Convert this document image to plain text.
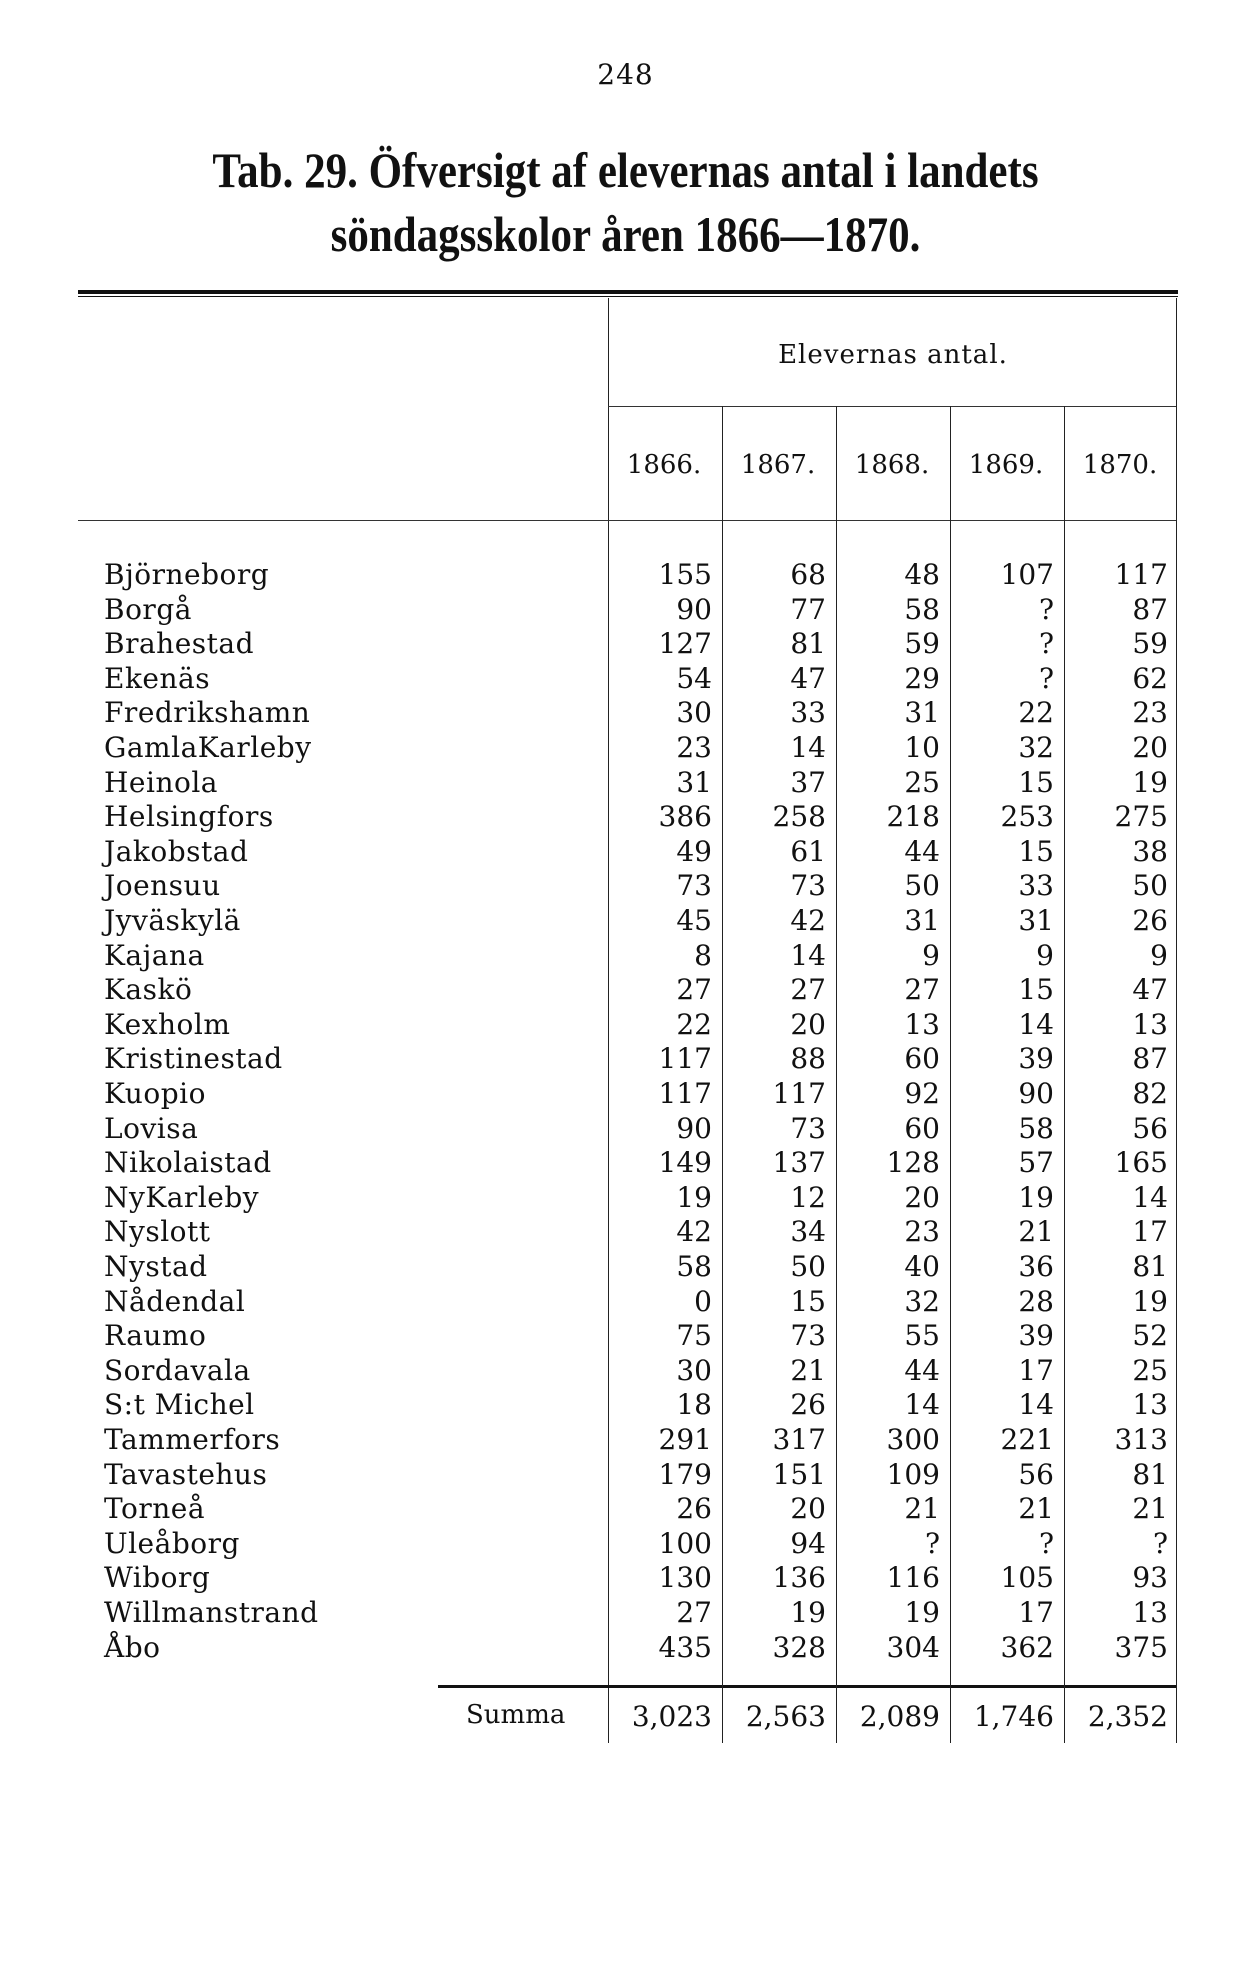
248
Tab. 29. Öfversigt af elevernas antal i landets
söndagsskolor åren 1866—1870.
Elevernas antal.
1866.	1867.	1868.	1869.	1870.
Björneborg	155	68	48	107	117
Borgå	90	77	58	?	87
Brahestad	127	81	59	?	59
Ekenäs	54	47	29	?	62
Fredrikshamn	30	33	31	22	23
GamlaKarleby	23	14	10	32	20
Heinola	31	37	25	15	19
Helsingfors	386	258	218	253	275
Jakobstad	49	61	44	15	38
Joensuu	73	73	50	33	50
Jyväskylä	45	42	31	31	26
Kajana	8	14	9	9	9
Kaskö	27	27	27	15	47
Kexholm	22	20	13	14	13
Kristinestad	117	88	60	39	87
Kuopio	117	117	92	90	82
Lovisa	90	73	60	58	56
Nikolaistad	149	137	128	57	165
NyKarleby	19	12	20	19	14
Nyslott	42	34	23	21	17
Nystad	58	50	40	36	81
Nådendal	0	15	32	28	19
Raumo	75	73	55	39	52
Sordavala	30	21	44	17	25
S:t Michel	18	26	14	14	13
Tammerfors	291	317	300	221	313
Tavastehus	179	151	109	56	81
Torneå	26	20	21	21	21
Uleåborg	100	94	?	?	?
Wiborg	130	136	116	105	93
Willmanstrand	27	19	19	17	13
Åbo	435	328	304	362	375
Summa	3,023	2,563	2,089	1,746	2,352
